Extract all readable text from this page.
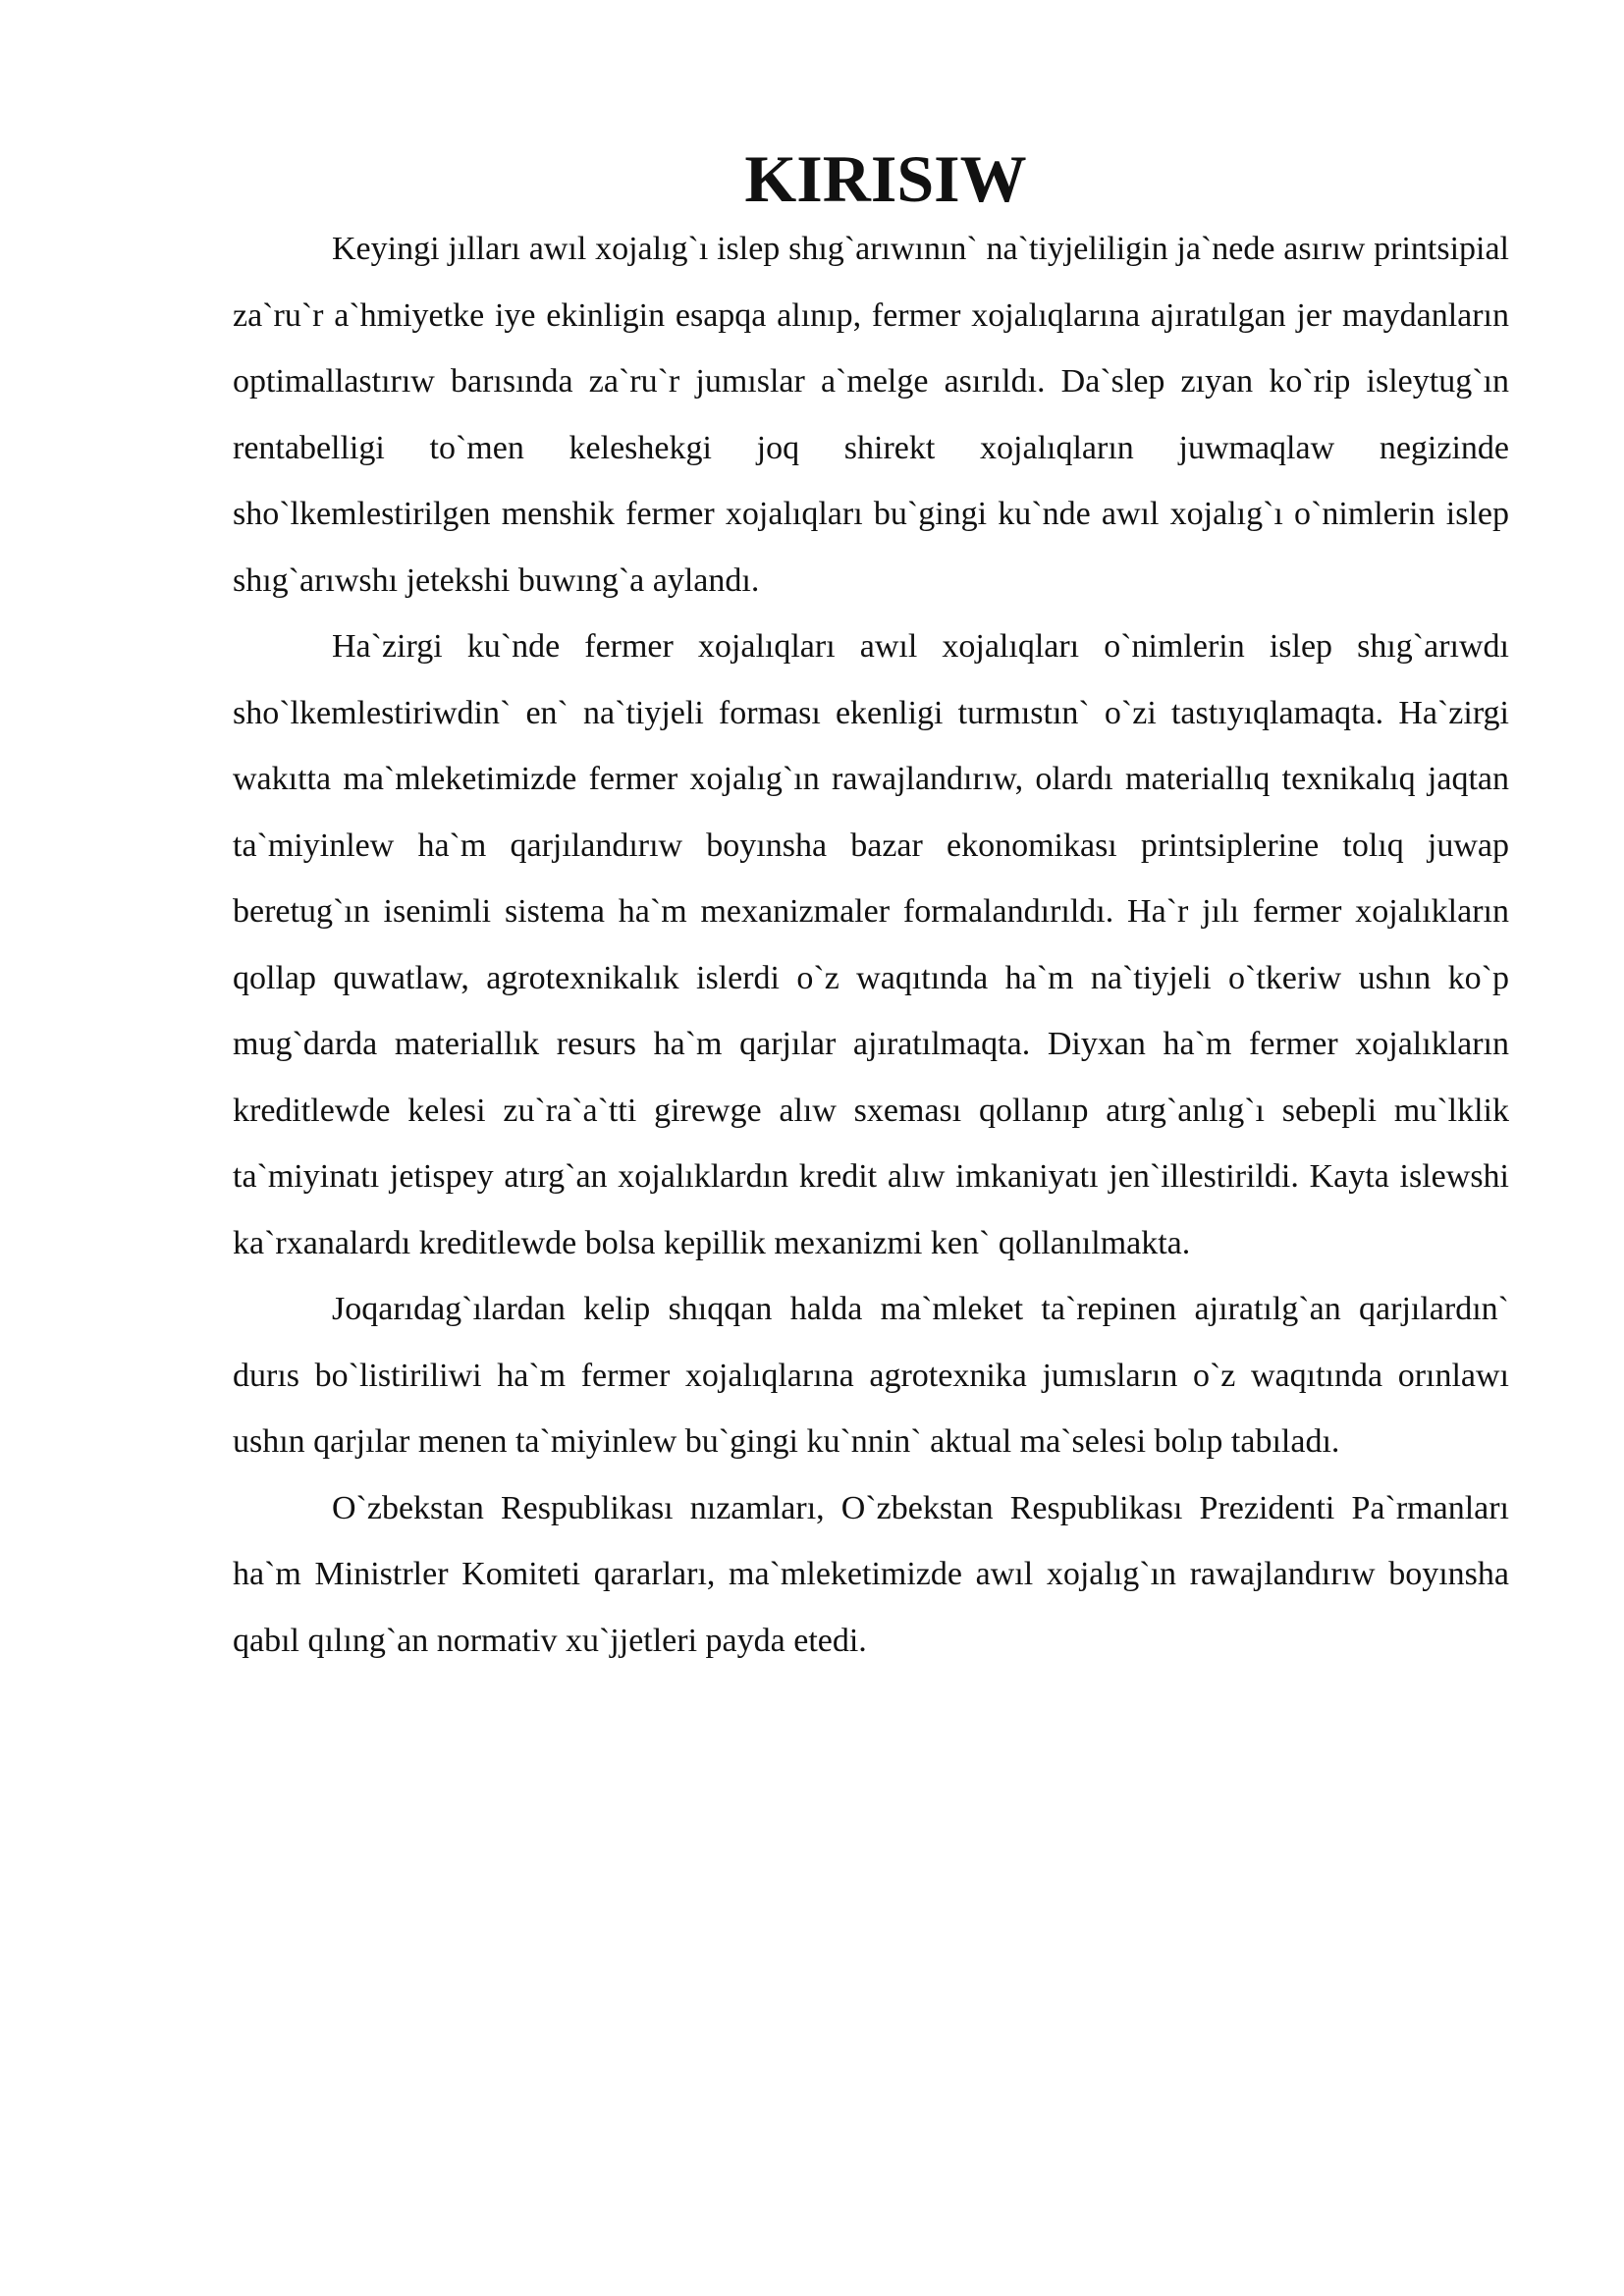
KIRISIW

Keyingi jılları awıl xojalıg`ı islep shıg`arıwının` na`tiyjeliligin ja`nede asırıw printsipial za`ru`r a`hmiyetke iye ekinligin esapqa alınıp, fermer xojalıqlarına ajıratılgan jer maydanların optimallastırıw barısında za`ru`r jumıslar a`melge asırıldı. Da`slep zıyan ko`rip isleytug`ın rentabelligi to`men keleshekgi joq shirekt xojalıqların juwmaqlaw negizinde sho`lkemlestirilgen menshik fermer xojalıqları bu`gingi ku`nde awıl xojalıg`ı o`nimlerin islep shıg`arıwshı jetekshi buwıng`a aylandı.

Ha`zirgi ku`nde fermer xojalıqları awıl xojalıqları o`nimlerin islep shıg`arıwdı sho`lkemlestiriwdin` en` na`tiyjeli forması ekenligi turmıstın` o`zi tastıyıqlamaqta. Ha`zirgi wakıtta ma`mleketimizde fermer xojalıg`ın rawajlandırıw, olardı materiallıq texnikalıq jaqtan ta`miyinlew ha`m qarjılandırıw boyınsha bazar ekonomikası printsiplerine tolıq juwap beretug`ın isenimli sistema ha`m mexanizmaler formalandırıldı. Ha`r jılı fermer xojalıkların qollap quwatlaw, agrotexnikalık islerdi o`z waqıtında ha`m na`tiyjeli o`tkeriw ushın ko`p mug`darda materiallık resurs ha`m qarjılar ajıratılmaqta. Diyxan ha`m fermer xojalıkların kreditlewde kelesi zu`ra`a`tti girewge alıw sxeması qollanıp atırg`anlıg`ı sebepli mu`lklik ta`miyinatı jetispey atırg`an xojalıklardın kredit alıw imkaniyatı jen`illestirildi. Kayta islewshi ka`rxanalardı kreditlewde bolsa kepillik mexanizmi ken` qollanılmakta.

Joqarıdag`ılardan kelip shıqqan halda ma`mleket ta`repinen ajıratılg`an qarjılardın` durıs bo`listiriliwi ha`m fermer xojalıqlarına agrotexnika jumısların o`z waqıtında orınlawı ushın qarjılar menen ta`miyinlew bu`gingi ku`nnin` aktual ma`selesi bolıp tabıladı.

O`zbekstan Respublikası nızamları, O`zbekstan Respublikası Prezidenti Pa`rmanları ha`m Ministrler Komiteti qararları, ma`mleketimizde awıl xojalıg`ın rawajlandırıw boyınsha qabıl qılıng`an normativ xu`jjetleri payda etedi.
